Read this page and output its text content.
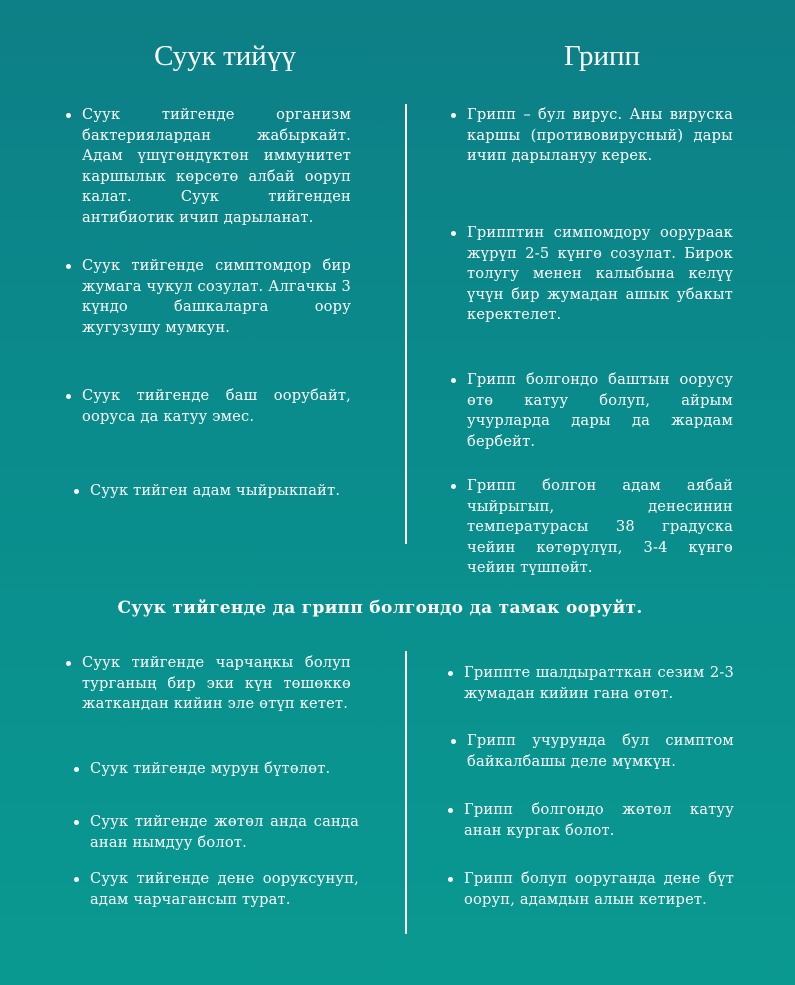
Суук тийүү	Грипп
Суук тийгенде организм бактериялардан жабыркайт. Адам үшүгөндүктөн иммунитет каршылык көрсөтө албай ооруп калат. Суук тийгенден антибиотик ичип дарыланат.
Суук тийгенде симптомдор бир жумага чукул созулат. Алгачкы 3 күндо башкаларга оору жугузушу мумкун.
Суук тийгенде баш оорубайт, ооруса да катуу эмес.
Суук тийген адам чыйрыкпайт.
Грипп – бул вирус. Аны вируска каршы (противовирусный) дары ичип дарылануу керек.
Грипптин симпомдору оорураак жүрүп 2-5 күнгө созулат. Бирок толугу менен калыбына келүү үчүн бир жумадан ашык убакыт керектелет.
Грипп болгондо баштын оорусу өтө катуу болуп, айрым учурларда дары да жардам бербейт.
Грипп болгон адам аябай чыйрыгып, денесинин температурасы 38 градуска чейин көтөрүлүп, 3-4 күнгө чейин түшпөйт.
Суук тийгенде да грипп болгондо да тамак ооруйт.
Суук тийгенде чарчаңкы болуп турганың бир эки күн төшөккө жаткандан кийин эле өтүп кетет.
Суук тийгенде мурун бүтөлөт.
Суук тийгенде жөтөл анда санда анан нымдуу болот.
Суук тийгенде дене ооруксунуп, адам чарчагансып турат.
Гриппте шалдыратткан сезим 2-3 жумадан кийин гана өтөт.
Грипп учурунда бул симптом байкалбашы деле мүмкүн.
Грипп болгондо жөтөл катуу анан кургак болот.
Грипп болуп ооруганда дене бүт ооруп, адамдын алын кетирет.
